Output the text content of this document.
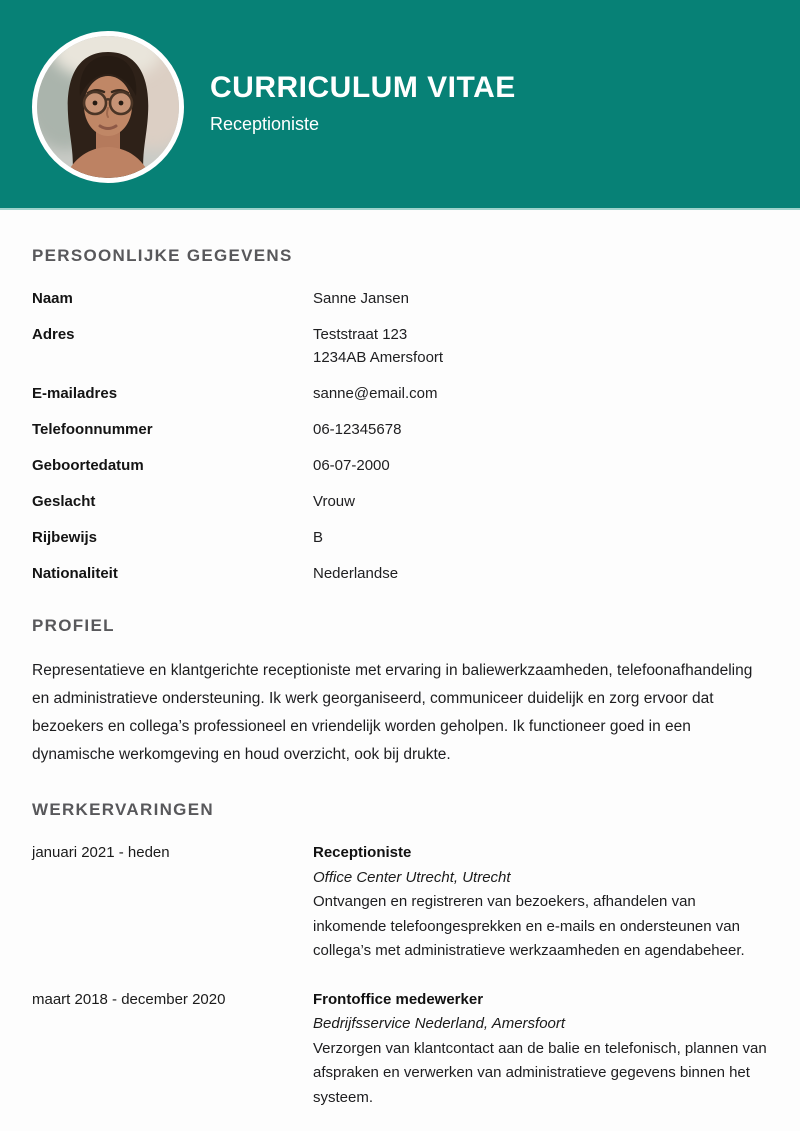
CURRICULUM VITAE
Receptioniste
PERSOONLIJKE GEGEVENS
Naam	Sanne Jansen
Adres	Teststraat 123
1234AB Amersfoort
E-mailadres	sanne@email.com
Telefoonnummer	06-12345678
Geboortedatum	06-07-2000
Geslacht	Vrouw
Rijbewijs	B
Nationaliteit	Nederlandse
PROFIEL

Representatieve en klantgerichte receptioniste met ervaring in baliewerkzaamheden, telefoonafhandeling en administratieve ondersteuning. Ik werk georganiseerd, communiceer duidelijk en zorg ervoor dat bezoekers en collega’s professioneel en vriendelijk worden geholpen. Ik functioneer goed in een dynamische werkomgeving en houd overzicht, ook bij drukte.

WERKERVARINGEN
januari 2021 - heden	Receptioniste
Office Center Utrecht, Utrecht
Ontvangen en registreren van bezoekers, afhandelen van inkomende telefoongesprekken en e-mails en ondersteunen van collega’s met administratieve werkzaamheden en agendabeheer.
maart 2018 - december 2020	Frontoffice medewerker
Bedrijfsservice Nederland, Amersfoort
Verzorgen van klantcontact aan de balie en telefonisch, plannen van afspraken en verwerken van administratieve gegevens binnen het systeem.
